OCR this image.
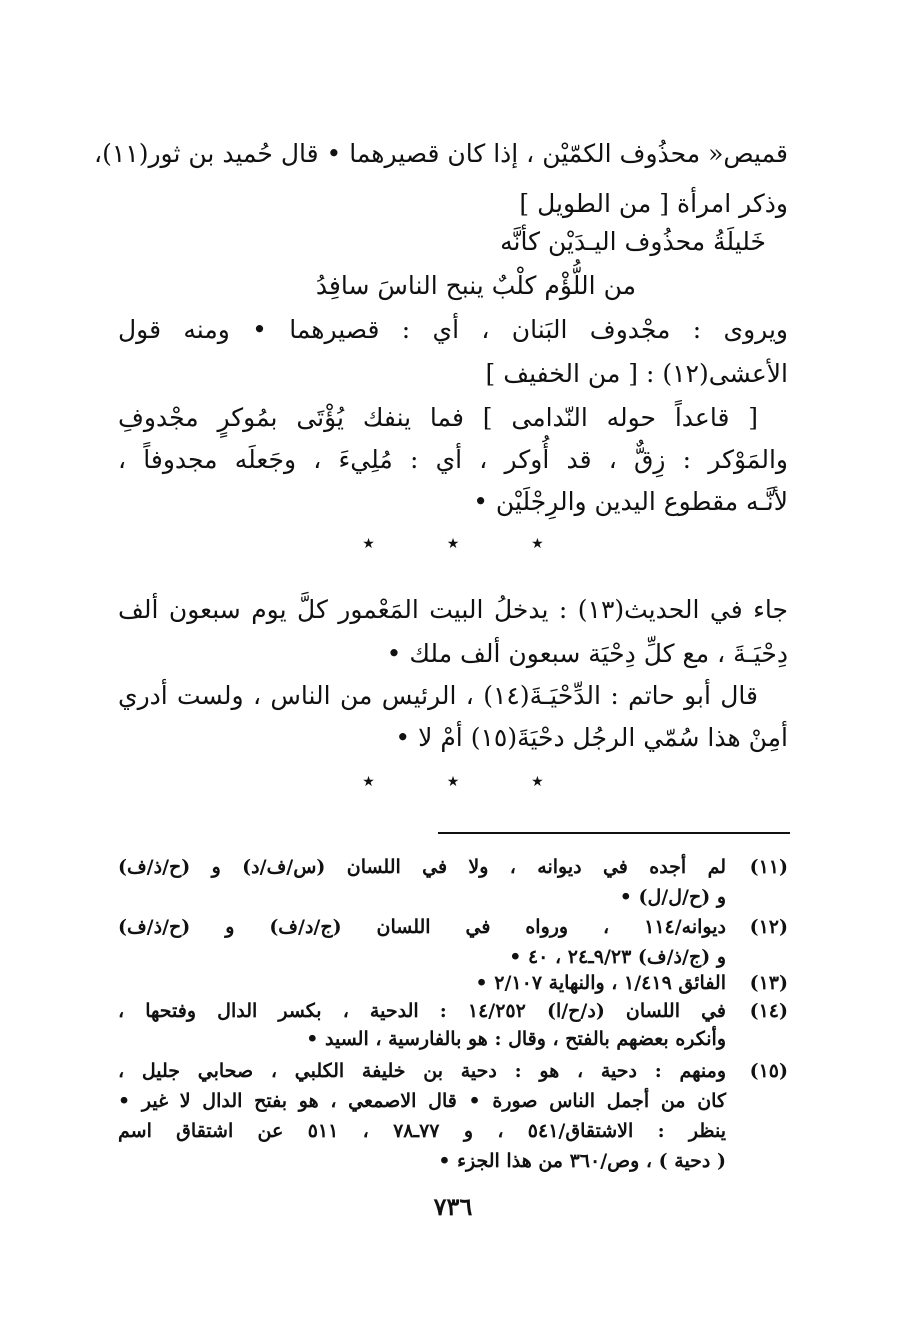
قميص« محذُوف الكمّيْن ، إذا كان قصيرهما • قال حُميد بن ثور(١١)،
وذكر امرأة [ من الطويل ]
خَليلَةُ محذُوف اليـدَيْن كأنَّه
من اللُّؤْم كلْبٌ ينبح الناسَ سافِدُ
ويروى : مجْدوف البَنان ، أي : قصيرهما • ومنه قول
الأعشى(١٢) : [ من الخفيف ]
[ قاعداً حوله النّدامى ] فما ينفك يُؤْتَى بمُوكرٍ مجْدوفِ
والمَوْكر : زِقٌّ ، قد أُوكر ، أي : مُلِيءَ ، وجَعلَه مجدوفاً ،
لأنَّـه مقطوع اليدين والرِجْلَيْن •
★	★	★
جاء في الحديث(١٣) : يدخلُ البيت المَعْمور كلَّ يوم سبعون ألف
دِحْيَـةَ ، مع كلِّ دِحْيَة سبعون ألف ملك •
قال أبو حاتم : الدِّحْيَـةَ(١٤) ، الرئيس من الناس ، ولست أدري
أمِنْ هذا سُمّي الرجُل دحْيَةَ(١٥) أمْ لا •
★	★	★
(١١)
لم أجده في ديوانه ، ولا في اللسان (س/ف/د) و (ح/ذ/ف)
و (ح/ل/ل) •
(١٢)
ديوانه/١١٤ ، ورواه في اللسان (ج/د/ف) و (ح/ذ/ف)
و (ج/ذ/ف) ٩/٢٣ـ٢٤ ، ٤٠ •
(١٣)
الفائق ١/٤١٩ ، والنهاية ٢/١٠٧ •
(١٤)
في اللسان (د/ح/ا) ١٤/٢٥٢ : الدحية ، بكسر الدال وفتحها ،
وأنكره بعضهم بالفتح ، وقال : هو بالفارسية ، السيد •
(١٥)
ومنهم : دحية ، هو : دحية بن خليفة الكلبي ، صحابي جليل ،
كان من أجمل الناس صورة • قال الاصمعي ، هو بفتح الدال لا غير •
ينظر : الاشتقاق/٥٤١ ، و ٧٧ـ٧٨ ، ٥١١ عن اشتقاق اسم
( دحية ) ، وص/٣٦٠ من هذا الجزء •
٧٣٦
